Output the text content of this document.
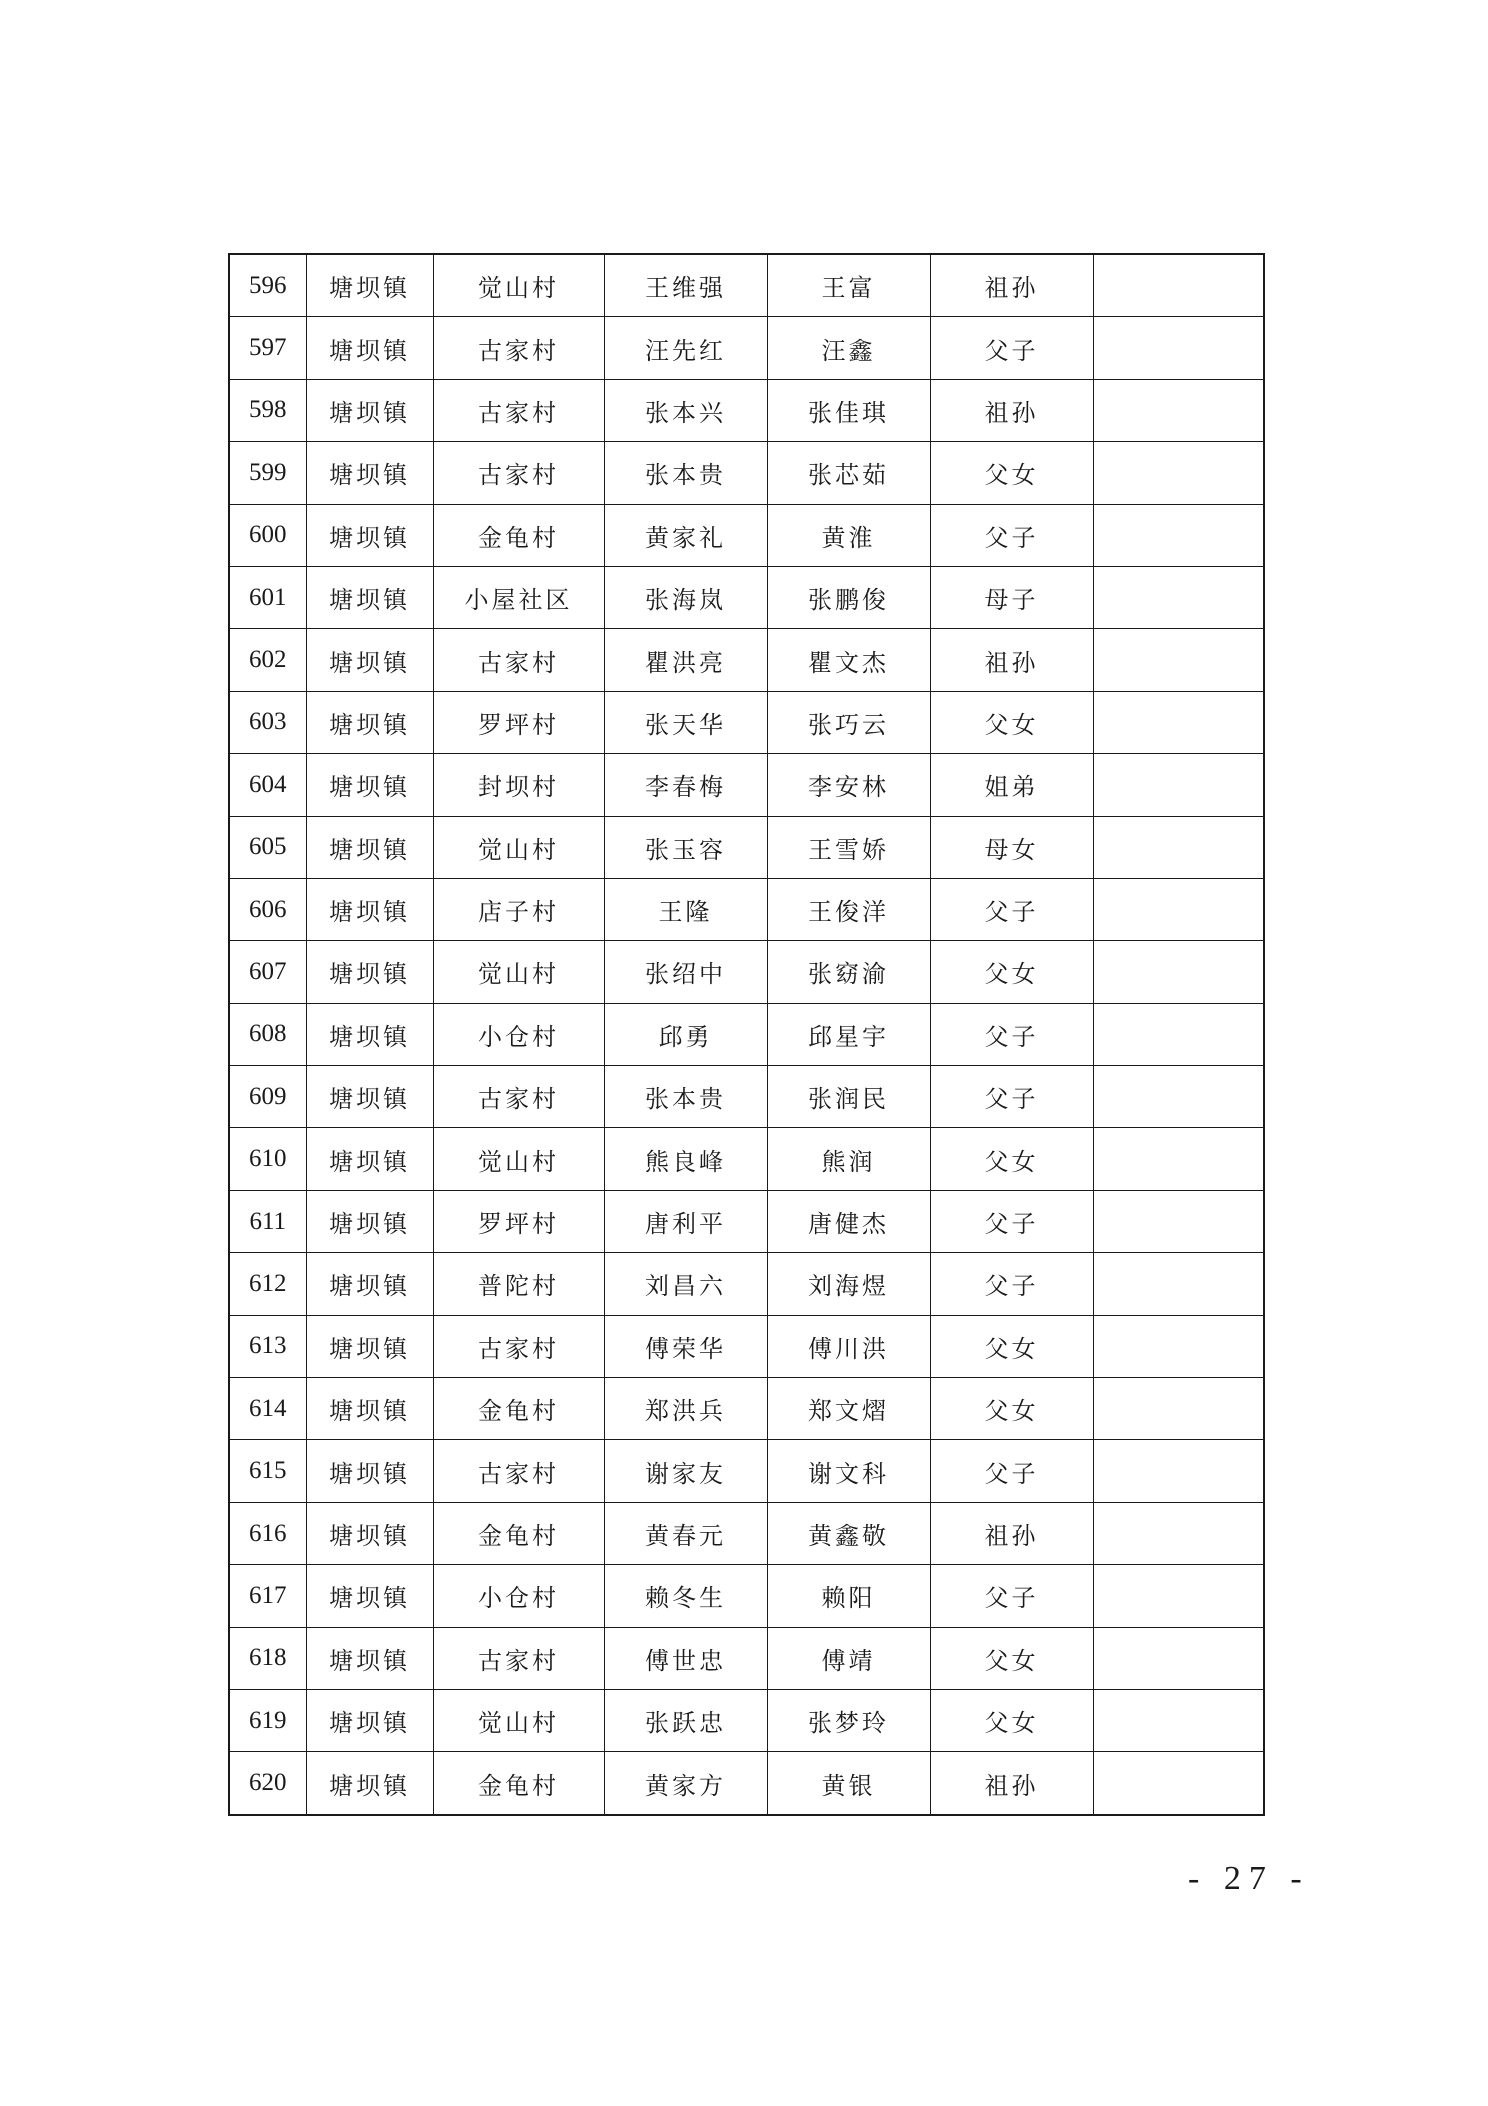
596	塘坝镇	觉山村	王维强	王富	祖孙	
597	塘坝镇	古家村	汪先红	汪鑫	父子	
598	塘坝镇	古家村	张本兴	张佳琪	祖孙	
599	塘坝镇	古家村	张本贵	张芯茹	父女	
600	塘坝镇	金龟村	黄家礼	黄淮	父子	
601	塘坝镇	小屋社区	张海岚	张鹏俊	母子	
602	塘坝镇	古家村	瞿洪亮	瞿文杰	祖孙	
603	塘坝镇	罗坪村	张天华	张巧云	父女	
604	塘坝镇	封坝村	李春梅	李安林	姐弟	
605	塘坝镇	觉山村	张玉容	王雪娇	母女	
606	塘坝镇	店子村	王隆	王俊洋	父子	
607	塘坝镇	觉山村	张绍中	张窈渝	父女	
608	塘坝镇	小仓村	邱勇	邱星宇	父子	
609	塘坝镇	古家村	张本贵	张润民	父子	
610	塘坝镇	觉山村	熊良峰	熊润	父女	
611	塘坝镇	罗坪村	唐利平	唐健杰	父子	
612	塘坝镇	普陀村	刘昌六	刘海煜	父子	
613	塘坝镇	古家村	傅荣华	傅川洪	父女	
614	塘坝镇	金龟村	郑洪兵	郑文熠	父女	
615	塘坝镇	古家村	谢家友	谢文科	父子	
616	塘坝镇	金龟村	黄春元	黄鑫敬	祖孙	
617	塘坝镇	小仓村	赖冬生	赖阳	父子	
618	塘坝镇	古家村	傅世忠	傅靖	父女	
619	塘坝镇	觉山村	张跃忠	张梦玲	父女	
620	塘坝镇	金龟村	黄家方	黄银	祖孙	
- 27 -
